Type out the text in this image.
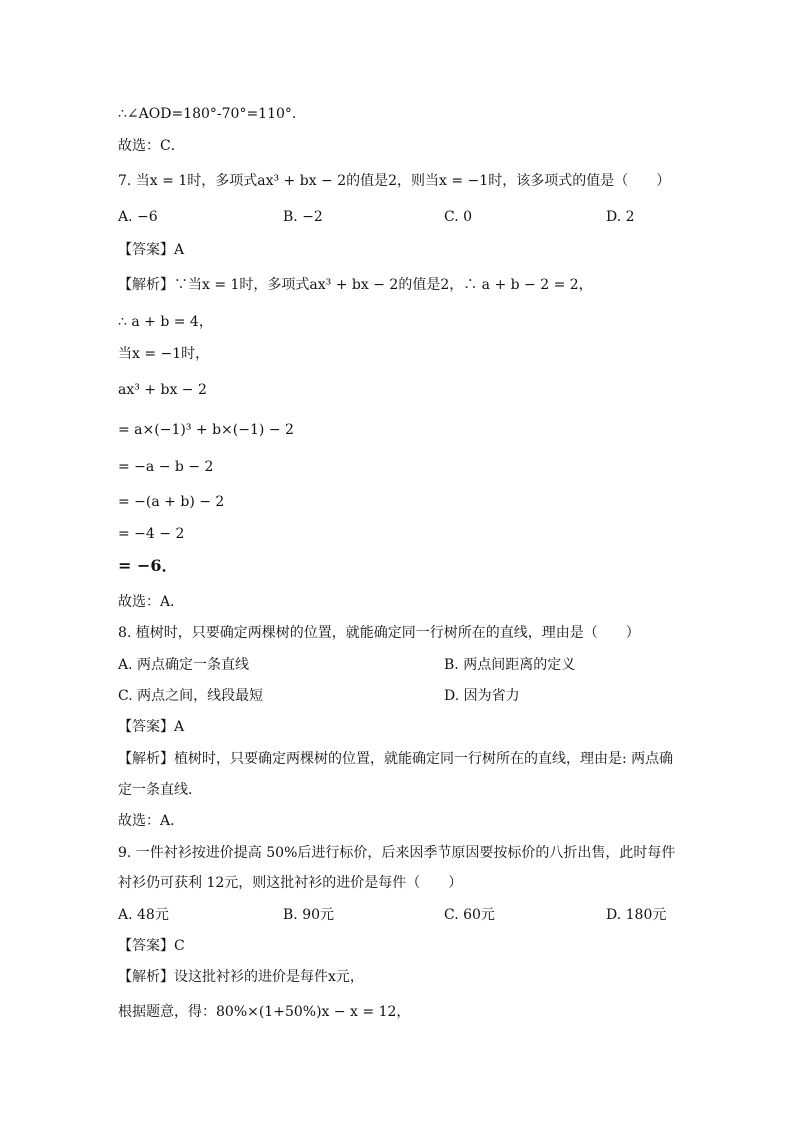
∴∠AOD=180°-70°=110°.
故选：C．
7. 当x = 1时，多项式ax³ + bx − 2的值是2，则当x = −1时，该多项式的值是（　　）
A. −6	B. −2	C. 0	D. 2
【答案】A
【解析】∵当x = 1时，多项式ax³ + bx − 2的值是2，∴ a + b − 2 = 2，
∴ a + b = 4，
当x = −1时，
ax³ + bx − 2
= a×(−1)³ + b×(−1) − 2
= −a − b − 2
= −(a + b) − 2
= −4 − 2
= −6．
故选：A．
8. 植树时，只要确定两棵树的位置，就能确定同一行树所在的直线，理由是（　　）
A. 两点确定一条直线	B. 两点间距离的定义
C. 两点之间，线段最短	D. 因为省力
【答案】A
【解析】植树时，只要确定两棵树的位置，就能确定同一行树所在的直线，理由是: 两点确
定一条直线.
故选：A．
9. 一件衬衫按进价提高 50%后进行标价，后来因季节原因要按标价的八折出售，此时每件
衬衫仍可获利 12元，则这批衬衫的进价是每件（　　）
A. 48元	B. 90元	C. 60元	D. 180元
【答案】C
【解析】设这批衬衫的进价是每件x元，
根据题意，得：80%×(1+50%)x − x = 12，
